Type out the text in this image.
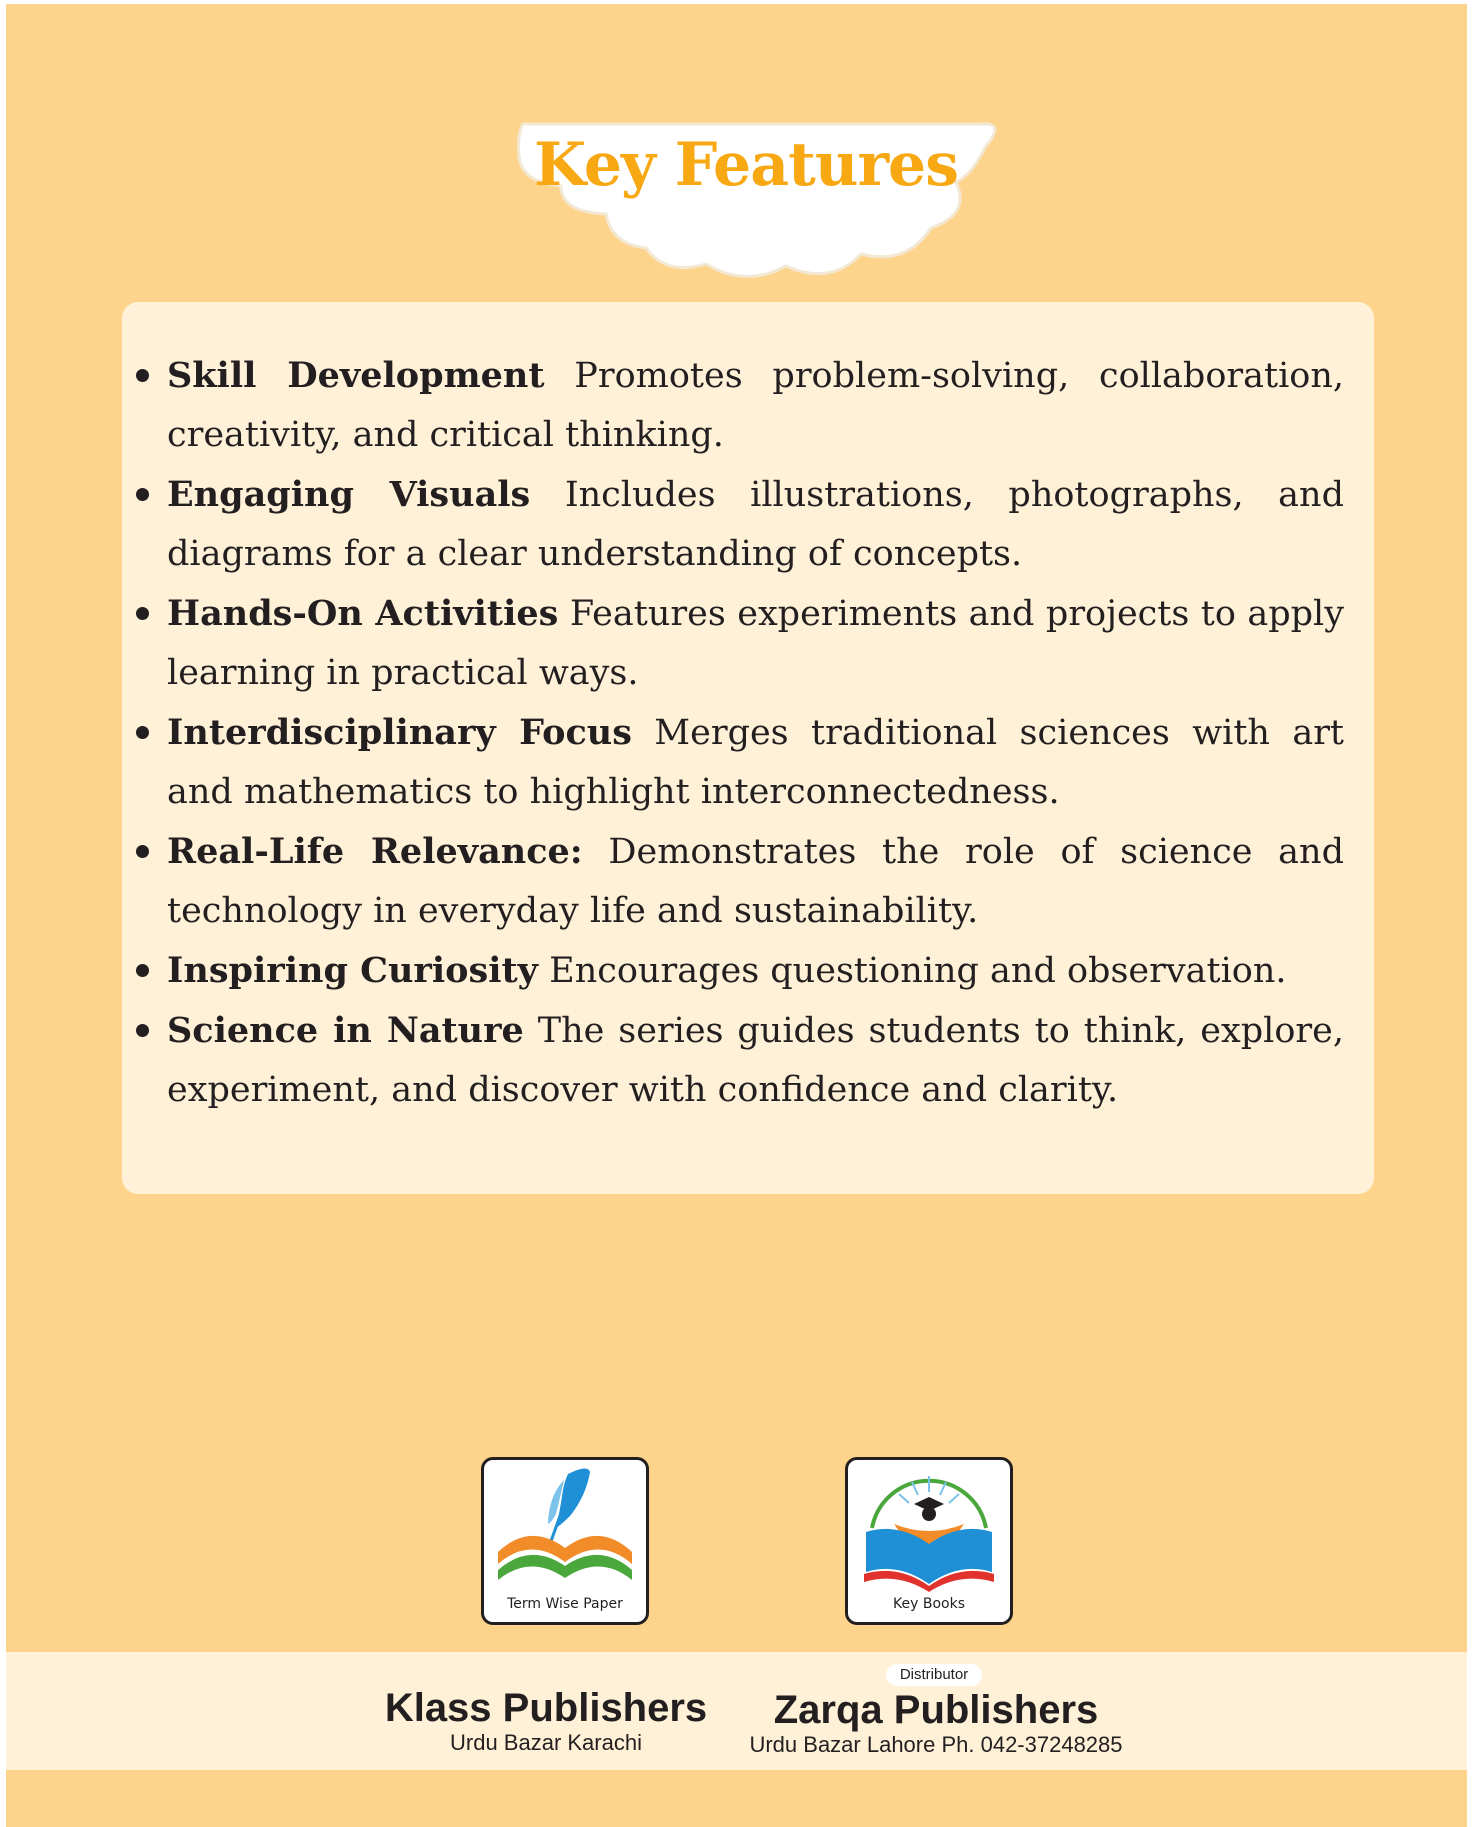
Key Features
Skill Development Promotes problem-solving, collaboration, creativity, and critical thinking.
Engaging Visuals Includes illustrations, photographs, and diagrams for a clear understanding of concepts.
Hands-On Activities Features experiments and projects to apply learning in practical ways.
Interdisciplinary Focus Merges traditional sciences with art and mathematics to highlight interconnectedness.
Real-Life Relevance: Demonstrates the role of science and technology in everyday life and sustainability.
Inspiring Curiosity Encourages questioning and observation.
Science in Nature The series guides students to think, explore, experiment, and discover with confidence and clarity.
Term Wise Paper	Key Books
Distributor
Klass Publishers
Urdu Bazar Karachi
Zarqa Publishers
Urdu Bazar Lahore Ph. 042-37248285
